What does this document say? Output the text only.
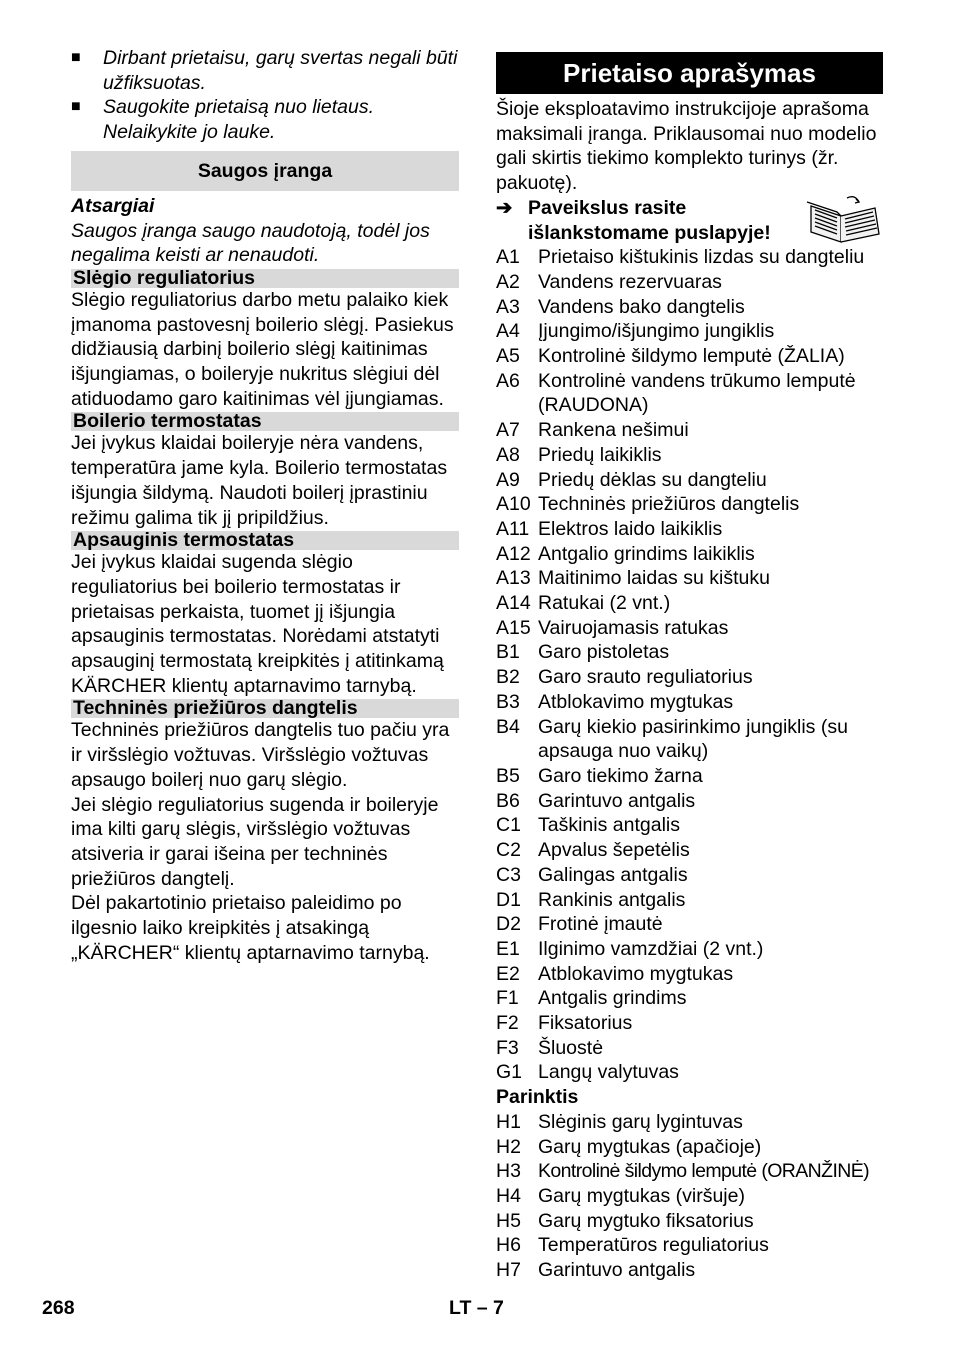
■	Dirbant prietaisu, garų svertas negali būti užfiksuotas.

■	Saugokite prietaisą nuo lietaus. Nelaikykite jo lauke.

Saugos įranga

Atsargiai

Saugos įranga saugo naudotoją, todėl jos negalima keisti ar nenaudoti.

Slėgio reguliatorius

Slėgio reguliatorius darbo metu palaiko kiek įmanoma pastovesnį boilerio slėgį. Pasiekus didžiausią darbinį boilerio slėgį kaitinimas išjungiamas, o boileryje nukritus slėgiui dėl atiduodamo garo kaitinimas vėl įjungiamas.

Boilerio termostatas

Jei įvykus klaidai boileryje nėra vandens, temperatūra jame kyla. Boilerio termostatas išjungia šildymą. Naudoti boilerį įprastiniu režimu galima tik jį pripildžius.

Apsauginis termostatas

Jei įvykus klaidai sugenda slėgio reguliatorius bei boilerio termostatas ir prietaisas perkaista, tuomet jį išjungia apsauginis termostatas. Norėdami atstatyti apsauginį termostatą kreipkitės į atitinkamą KÄRCHER klientų aptarnavimo tarnybą.

Techninės priežiūros dangtelis

Techninės priežiūros dangtelis tuo pačiu yra ir viršslėgio vožtuvas. Viršslėgio vožtuvas apsaugo boilerį nuo garų slėgio.

Jei slėgio reguliatorius sugenda ir boileryje ima kilti garų slėgis, viršslėgio vožtuvas atsiveria ir garai išeina per techninės priežiūros dangtelį.

Dėl pakartotinio prietaiso paleidimo po ilgesnio laiko kreipkitės į atsakingą „KÄRCHER“ klientų aptarnavimo tarnybą.

Prietaiso aprašymas

Šioje eksploatavimo instrukcijoje aprašoma maksimali įranga. Priklausomai nuo modelio gali skirtis tiekimo komplekto turinys (žr. pakuotę).

➔ Paveikslus rasite išlankstomame puslapyje!
A1 Prietaiso kištukinis lizdas su dangteliu
A2 Vandens rezervuaras
A3 Vandens bako dangtelis
A4 Įjungimo/išjungimo jungiklis
A5 Kontrolinė šildymo lemputė (ŽALIA)
A6 Kontrolinė vandens trūkumo lemputė (RAUDONA)
A7 Rankena nešimui
A8 Priedų laikiklis
A9 Priedų dėklas su dangteliu
A10 Techninės priežiūros dangtelis
A11 Elektros laido laikiklis
A12 Antgalio grindims laikiklis
A13 Maitinimo laidas su kištuku
A14 Ratukai (2 vnt.)
A15 Vairuojamasis ratukas
B1 Garo pistoletas
B2 Garo srauto reguliatorius
B3 Atblokavimo mygtukas
B4 Garų kiekio pasirinkimo jungiklis (su apsauga nuo vaikų)
B5 Garo tiekimo žarna
B6 Garintuvo antgalis
C1 Taškinis antgalis
C2 Apvalus šepetėlis
C3 Galingas antgalis
D1 Rankinis antgalis
D2 Frotinė įmautė
E1 Ilginimo vamzdžiai (2 vnt.)
E2 Atblokavimo mygtukas
F1 Antgalis grindims
F2 Fiksatorius
F3 Šluostė
G1 Langų valytuvas

Parinktis

H1 Slėginis garų lygintuvas
H2 Garų mygtukas (apačioje)
H3 Kontrolinė šildymo lemputė (ORANŽINĖ)
H4 Garų mygtukas (viršuje)
H5 Garų mygtuko fiksatorius
H6 Temperatūros reguliatorius
H7 Garintuvo antgalis
268	LT – 7
